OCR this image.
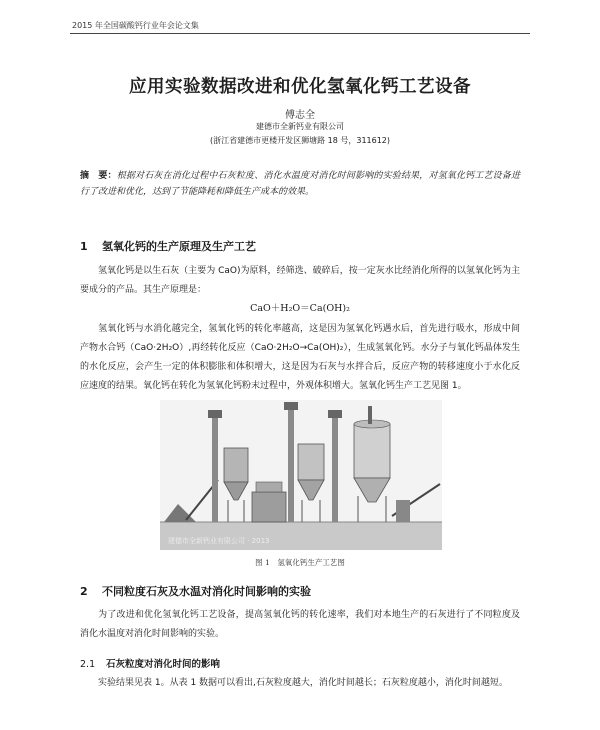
2015 年全国碳酸钙行业年会论文集
应用实验数据改进和优化氢氧化钙工艺设备
傅志全
建德市全新钙业有限公司
(浙江省建德市更楼开发区狮塘路 18 号，311612)
摘　要：根据对石灰在消化过程中石灰粒度、消化水温度对消化时间影响的实验结果，对氢氧化钙工艺设备进行了改进和优化，达到了节能降耗和降低生产成本的效果。
1 氢氧化钙的生产原理及生产工艺
氢氧化钙是以生石灰（主要为 CaO)为原料，经筛选、破碎后，按一定灰水比经消化所得的以氢氧化钙为主要成分的产品。其生产原理是：
CaO＋H₂O＝Ca(OH)₂
氢氧化钙与水消化越完全，氢氧化钙的转化率越高，这是因为氢氧化钙遇水后，首先进行吸水，形成中间产物水合钙（CaO·2H₂O）,再经转化反应（CaO·2H₂O→Ca(OH)₂），生成氢氧化钙。水分子与氧化钙晶体发生的水化反应，会产生一定的体积膨胀和体积增大，这是因为石灰与水拌合后，反应产物的转移速度小于水化反应速度的结果。氧化钙在转化为氢氧化钙粉末过程中，外观体积增大。氢氧化钙生产工艺见图 1。
建德市全新钙业有限公司 · 2013
图 1　氢氧化钙生产工艺图
2 不同粒度石灰及水温对消化时间影响的实验
为了改进和优化氢氧化钙工艺设备，提高氢氧化钙的转化速率，我们对本地生产的石灰进行了不同粒度及消化水温度对消化时间影响的实验。
2.1 石灰粒度对消化时间的影响
实验结果见表 1。从表 1 数据可以看出,石灰粒度越大，消化时间越长；石灰粒度越小，消化时间越短。
